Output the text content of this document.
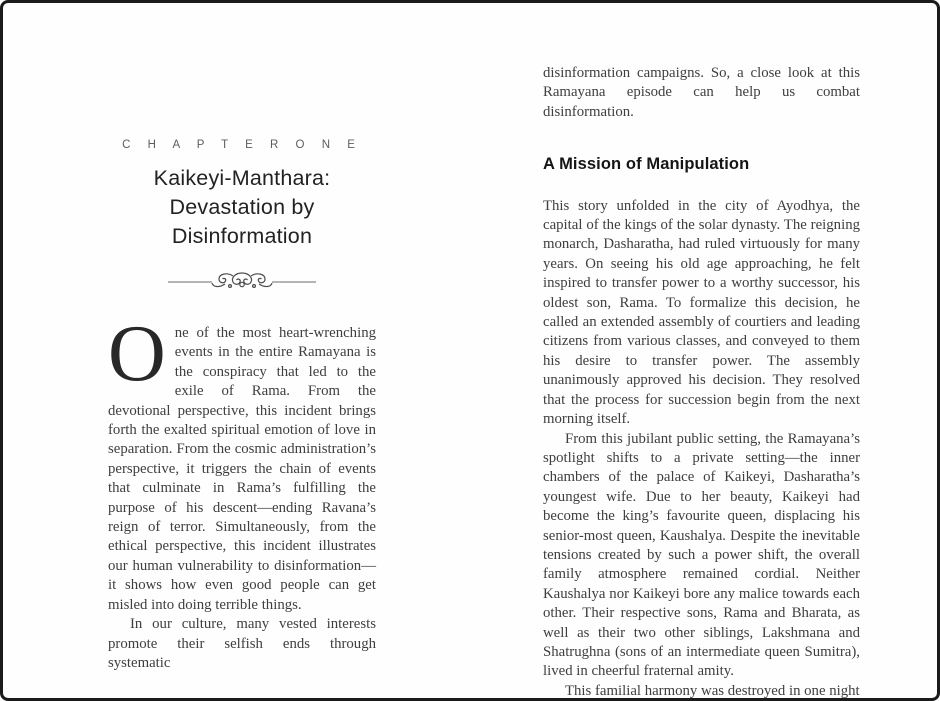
C H A P T E R O N E
Kaikeyi-Manthara:
Devastation by Disinformation

One of the most heart-wrenching events in the entire Ramayana is the conspiracy that led to the exile of Rama. From the devotional perspective, this incident brings forth the exalted spiritual emotion of love in separation. From the cosmic administration’s perspective, it triggers the chain of events that culminate in Rama’s fulfilling the purpose of his descent—ending Ravana’s reign of terror. Simultaneously, from the ethical perspective, this incident illustrates our human vulnerability to disinformation—it shows how even good people can get misled into doing terrible things.

In our culture, many vested interests promote their selfish ends through systematic

disinformation campaigns. So, a close look at this Ramayana episode can help us combat disinformation.

A Mission of Manipulation

This story unfolded in the city of Ayodhya, the capital of the kings of the solar dynasty. The reigning monarch, Dasharatha, had ruled virtuously for many years. On seeing his old age approaching, he felt inspired to transfer power to a worthy successor, his oldest son, Rama. To formalize this decision, he called an extended assembly of courtiers and leading citizens from various classes, and conveyed to them his desire to transfer power. The assembly unanimously approved his decision. They resolved that the process for succession begin from the next morning itself.

From this jubilant public setting, the Ramayana’s spotlight shifts to a private setting—the inner chambers of the palace of Kaikeyi, Dasharatha’s youngest wife. Due to her beauty, Kaikeyi had become the king’s favourite queen, displacing his senior-most queen, Kaushalya. Despite the inevitable tensions created by such a power shift, the overall family atmosphere remained cordial. Neither Kaushalya nor Kaikeyi bore any malice towards each other. Their respective sons, Rama and Bharata, as well as their two other siblings, Lakshmana and Shatrughna (sons of an intermediate queen Sumitra), lived in cheerful fraternal amity.

This familial harmony was destroyed in one night
